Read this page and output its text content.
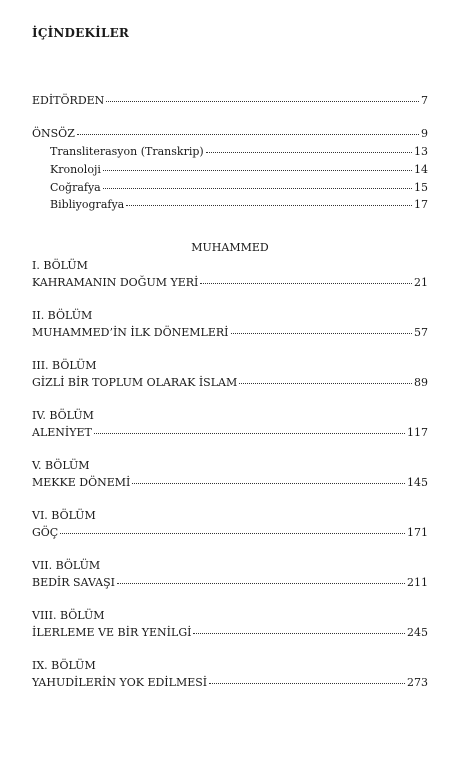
İÇİNDEKİLER
EDİTÖRDEN	7
ÖNSÖZ	9
Transliterasyon (Transkrip)	13
Kronoloji	14
Coğrafya	15
Bibliyografya	17
MUHAMMED
I. BÖLÜM
KAHRAMANIN DOĞUM YERİ	21
II. BÖLÜM
MUHAMMED’İN İLK DÖNEMLERİ	57
III. BÖLÜM
GİZLİ BİR TOPLUM OLARAK İSLAM	89
IV. BÖLÜM
ALENİYET	117
V. BÖLÜM
MEKKE DÖNEMİ	145
VI. BÖLÜM
GÖÇ	171
VII. BÖLÜM
BEDİR SAVAŞI	211
VIII. BÖLÜM
İLERLEME VE BİR YENİLGİ	245
IX. BÖLÜM
YAHUDİLERİN YOK EDİLMESİ	273
